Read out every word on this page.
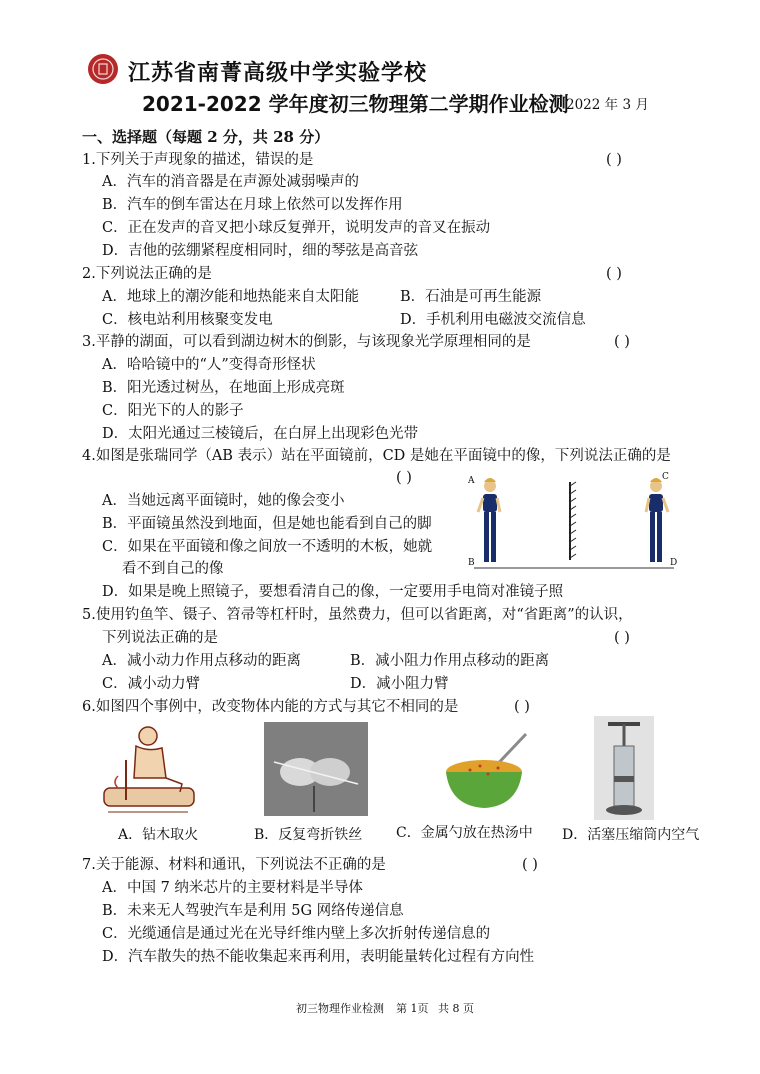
江苏省南菁高级中学实验学校
2021-2022 学年度初三物理第二学期作业检测
2022 年 3 月
一、选择题（每题 2 分，共 28 分）
1.下列关于声现象的描述，错误的是	( )
A．汽车的消音器是在声源处减弱噪声的
B．汽车的倒车雷达在月球上依然可以发挥作用
C．正在发声的音叉把小球反复弹开，说明发声的音叉在振动
D．吉他的弦绷紧程度相同时，细的琴弦是高音弦
2.下列说法正确的是	( )
A．地球上的潮汐能和地热能来自太阳能	B．石油是可再生能源
C．核电站利用核聚变发电	D．手机利用电磁波交流信息
3.平静的湖面，可以看到湖边树木的倒影，与该现象光学原理相同的是	( )
A．哈哈镜中的“人”变得奇形怪状
B．阳光透过树丛，在地面上形成亮斑
C．阳光下的人的影子
D．太阳光通过三棱镜后，在白屏上出现彩色光带
4.如图是张瑞同学（AB 表示）站在平面镜前，CD 是她在平面镜中的像，下列说法正确的是
( )
A．当她远离平面镜时，她的像会变小
B．平面镜虽然没到地面，但是她也能看到自己的脚
C．如果在平面镜和像之间放一不透明的木板，她就
看不到自己的像
D．如果是晚上照镜子，要想看清自己的像，一定要用手电筒对准镜子照
A
B
C
D
5.使用钓鱼竿、镊子、笤帚等杠杆时，虽然费力，但可以省距离，对“省距离”的认识，
下列说法正确的是	( )
A．减小动力作用点移动的距离	B．减小阻力作用点移动的距离
C．减小动力臂	D．减小阻力臂
6.如图四个事例中，改变物体内能的方式与其它不相同的是	( )
A．钻木取火	B．反复弯折铁丝 C．金属勺放在热汤中 D．活塞压缩筒内空气
7.关于能源、材料和通讯，下列说法不正确的是	( )
A．中国 7 纳米芯片的主要材料是半导体
B．未来无人驾驶汽车是利用 5G 网络传递信息
C．光缆通信是通过光在光导纤维内壁上多次折射传递信息的
D．汽车散失的热不能收集起来再利用，表明能量转化过程有方向性
初三物理作业检测 第 1页 共 8 页
